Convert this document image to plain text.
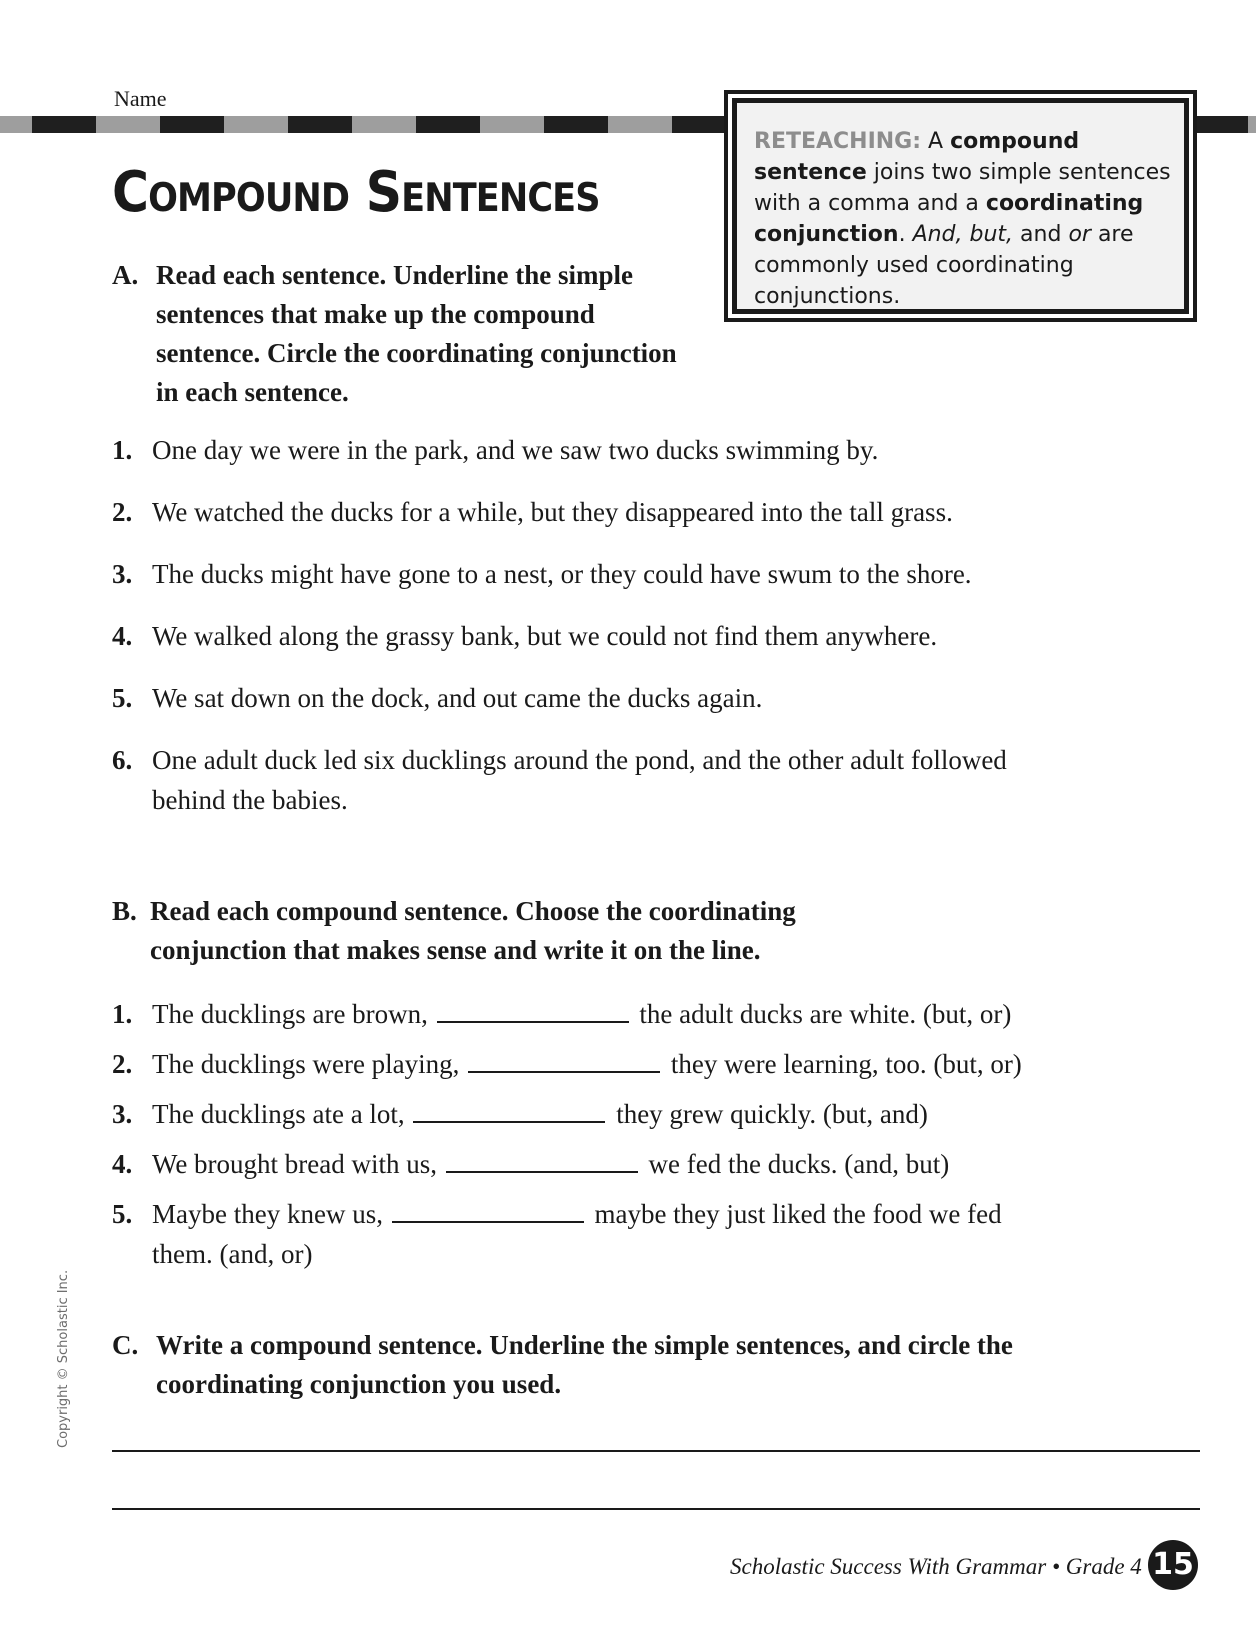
Name
Compound Sentences
RETEACHING: A compound sentence joins two simple sentences with a comma and a coordinating conjunction. And, but, and or are commonly used coordinating conjunctions.
A. Read each sentence. Underline the simple sentences that make up the compound sentence. Circle the coordinating conjunction in each sentence.
1. One day we were in the park, and we saw two ducks swimming by.
2. We watched the ducks for a while, but they disappeared into the tall grass.
3. The ducks might have gone to a nest, or they could have swum to the shore.
4. We walked along the grassy bank, but we could not find them anywhere.
5. We sat down on the dock, and out came the ducks again.
6. One adult duck led six ducklings around the pond, and the other adult followed behind the babies.
B. Read each compound sentence. Choose the coordinating conjunction that makes sense and write it on the line.
1. The ducklings are brown,	the adult ducks are white. (but, or)
2. The ducklings were playing,	they were learning, too. (but, or)
3. The ducklings ate a lot,	they grew quickly. (but, and)
4. We brought bread with us,	we fed the ducks. (and, but)
5. Maybe they knew us,	maybe they just liked the food we fed them. (and, or)
C. Write a compound sentence. Underline the simple sentences, and circle the coordinating conjunction you used.
Copyright © Scholastic Inc.
Scholastic Success With Grammar • Grade 4 15
